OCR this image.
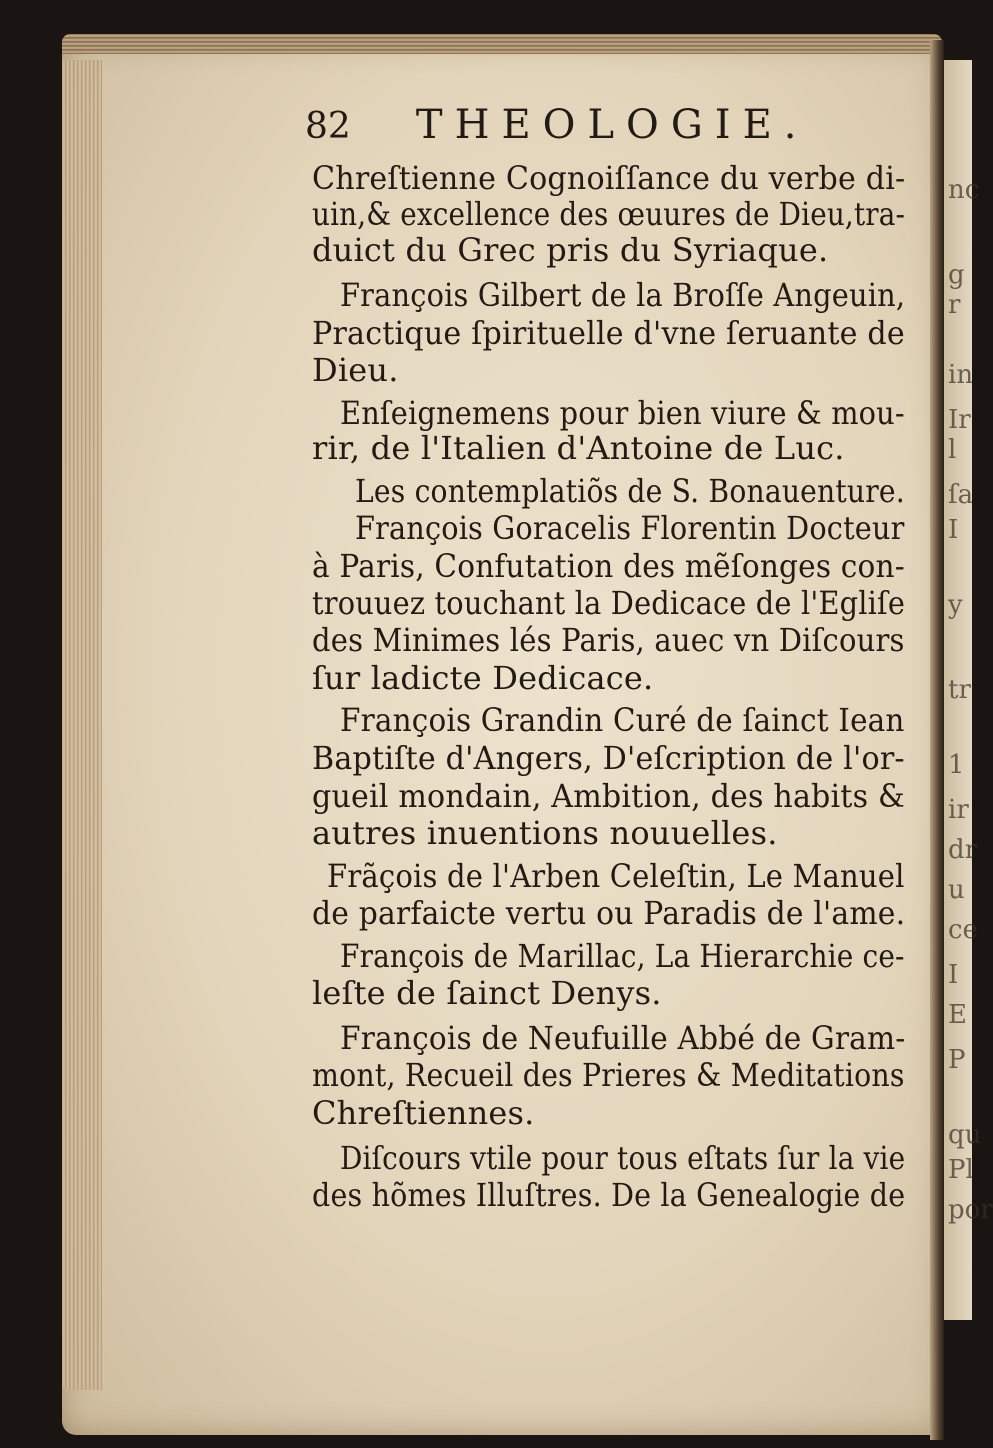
nc
g
r
in
Ir
l
ſa
I
y
tr
1
ir
dr
u
ce
I
E
P
qu
Pl
por
82 THEOLOGIE.
Chreſtienne Cognoiſſance du verbe di-
uin,& excellence des œuures de Dieu,tra-
duict du Grec pris du Syriaque.
François Gilbert de la Broſſe Angeuin,
Practique ſpirituelle d'vne ſeruante de
Dieu.
Enſeignemens pour bien viure & mou-
rir, de l'Italien d'Antoine de Luc.
Les contemplatiõs de S. Bonauenture.
François Goracelis Florentin Docteur
à Paris, Confutation des mẽſonges con-
trouuez touchant la Dedicace de l'Egliſe
des Minimes lés Paris, auec vn Diſcours
ſur ladicte Dedicace.
François Grandin Curé de ſainct Iean
Baptiſte d'Angers, D'eſcription de l'or-
gueil mondain, Ambition, des habits &
autres inuentions nouuelles.
Frãçois de l'Arben Celeſtin, Le Manuel
de parfaicte vertu ou Paradis de l'ame.
François de Marillac, La Hierarchie ce-
leſte de ſainct Denys.
François de Neufuille Abbé de Gram-
mont, Recueil des Prieres & Meditations
Chreſtiennes.
Diſcours vtile pour tous eſtats ſur la vie
des hõmes Illuſtres. De la Genealogie de
